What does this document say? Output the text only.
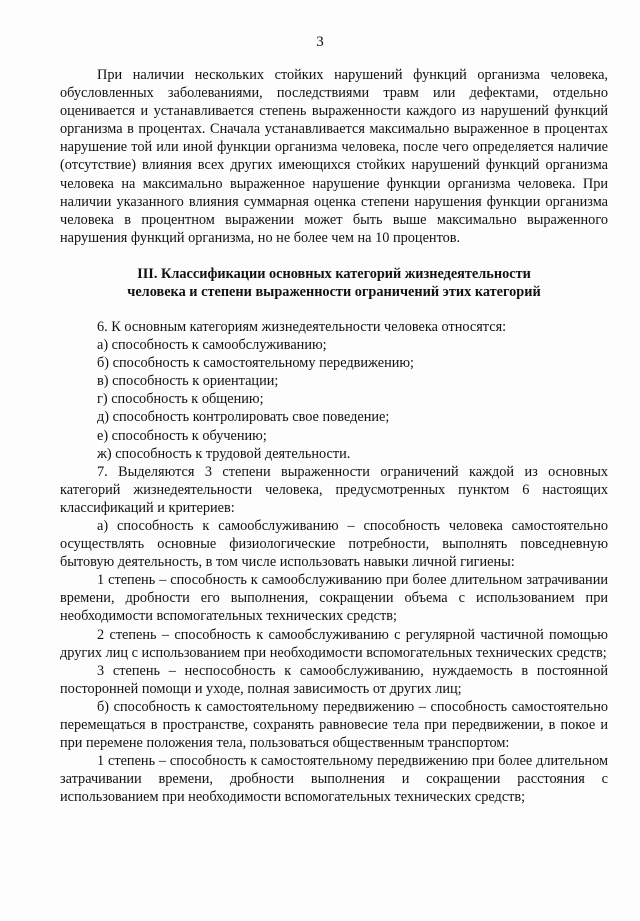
3

При наличии нескольких стойких нарушений функций организма человека, обусловленных заболеваниями, последствиями травм или дефектами, отдельно оценивается и устанавливается степень выраженности каждого из нарушений функций организма в процентах. Сначала устанавливается максимально выраженное в процентах нарушение той или иной функции организма человека, после чего определяется наличие (отсутствие) влияния всех других имеющихся стойких нарушений функций организма человека на максимально выраженное нарушение функции организма человека. При наличии указанного влияния суммарная оценка степени нарушения функции организма человека в процентном выражении может быть выше максимально выраженного нарушения функций организма, но не более чем на 10 процентов.

III. Классификации основных категорий жизнедеятельности
человека и степени выраженности ограничений этих категорий

6. К основным категориям жизнедеятельности человека относятся:

а) способность к самообслуживанию;

б) способность к самостоятельному передвижению;

в) способность к ориентации;

г) способность к общению;

д) способность контролировать свое поведение;

е) способность к обучению;

ж) способность к трудовой деятельности.

7. Выделяются 3 степени выраженности ограничений каждой из основных категорий жизнедеятельности человека, предусмотренных пунктом 6 настоящих классификаций и критериев:

а) способность к самообслуживанию – способность человека самостоятельно осуществлять основные физиологические потребности, выполнять повседневную бытовую деятельность, в том числе использовать навыки личной гигиены:

1 степень – способность к самообслуживанию при более длительном затрачивании времени, дробности его выполнения, сокращении объема с использованием при необходимости вспомогательных технических средств;

2 степень – способность к самообслуживанию с регулярной частичной помощью других лиц с использованием при необходимости вспомогательных технических средств;

3 степень – неспособность к самообслуживанию, нуждаемость в постоянной посторонней помощи и уходе, полная зависимость от других лиц;

б) способность к самостоятельному передвижению – способность самостоятельно перемещаться в пространстве, сохранять равновесие тела при передвижении, в покое и при перемене положения тела, пользоваться общественным транспортом:

1 степень – способность к самостоятельному передвижению при более длительном затрачивании времени, дробности выполнения и сокращении расстояния с использованием при необходимости вспомогательных технических средств;
